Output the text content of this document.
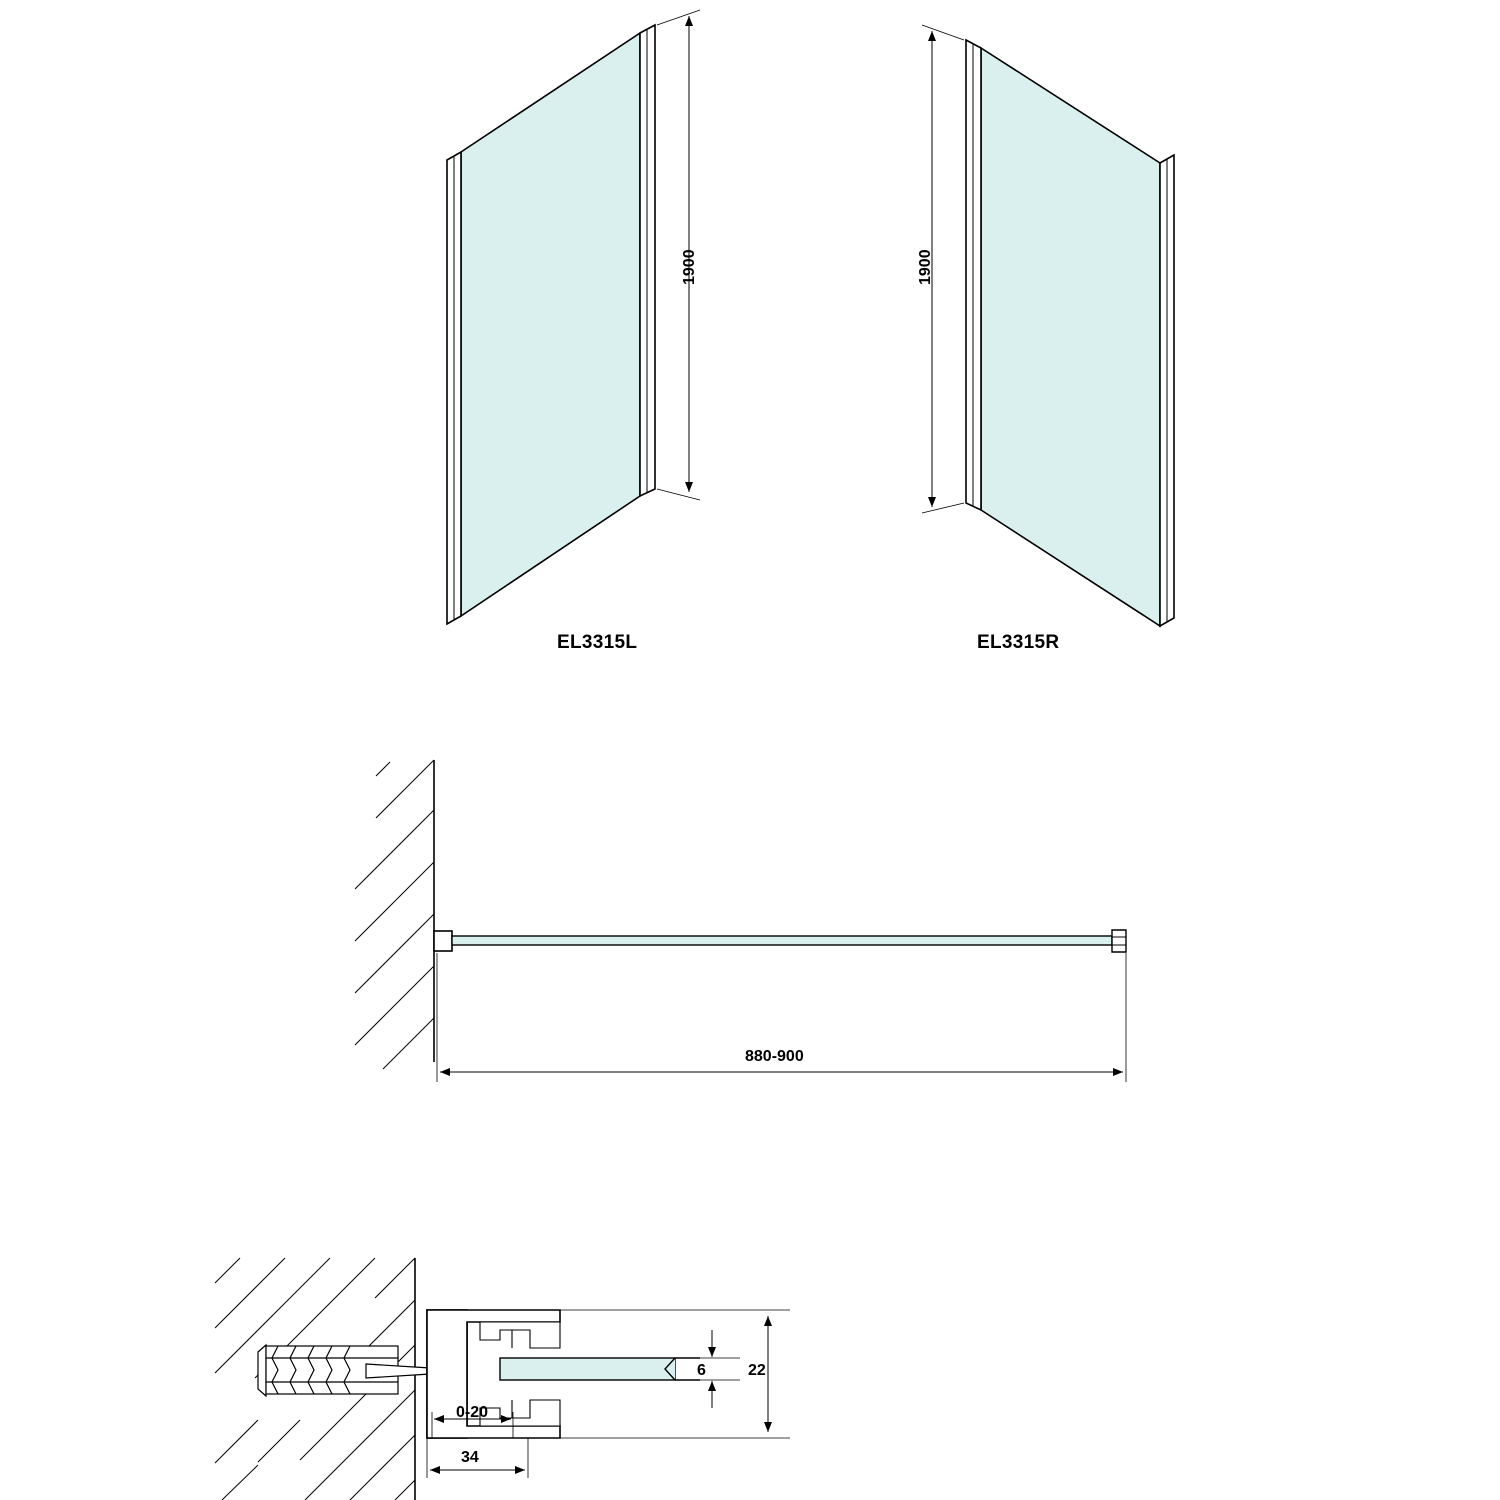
EL3315L	EL3315R
1900	1900
880-900
34
0-20
22
6
